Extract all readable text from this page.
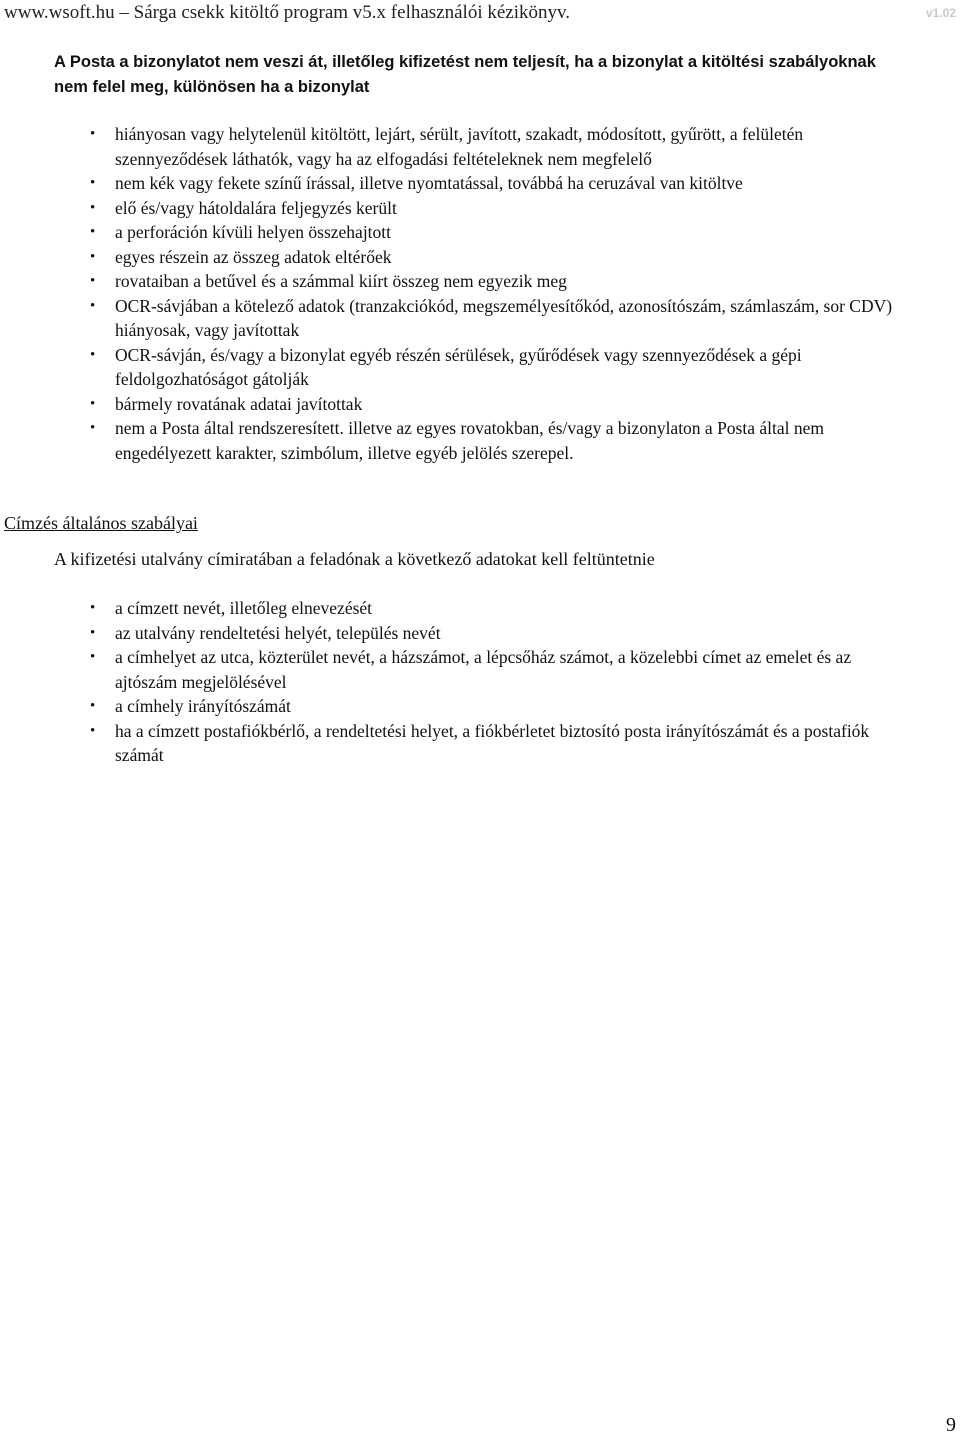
www.wsoft.hu – Sárga csekk kitöltő program v5.x felhasználói kézikönyv.	v1.02

A Posta a bizonylatot nem veszi át, illetőleg kifizetést nem teljesít, ha a bizonylat a kitöltési szabályoknak nem felel meg, különösen ha a bizonylat

• hiányosan vagy helytelenül kitöltött, lejárt, sérült, javított, szakadt, módosított, gyűrött, a felületén szennyeződések láthatók, vagy ha az elfogadási feltételeknek nem megfelelő
• nem kék vagy fekete színű írással, illetve nyomtatással, továbbá ha ceruzával van kitöltve
• elő és/vagy hátoldalára feljegyzés került
• a perforáción kívüli helyen összehajtott
• egyes részein az összeg adatok eltérőek
• rovataiban a betűvel és a számmal kiírt összeg nem egyezik meg
• OCR-sávjában a kötelező adatok (tranzakciókód, megszemélyesítőkód, azonosítószám, számlaszám, sor CDV) hiányosak, vagy javítottak
• OCR-sávján, és/vagy a bizonylat egyéb részén sérülések, gyűrődések vagy szennyeződések a gépi feldolgozhatóságot gátolják
• bármely rovatának adatai javítottak
• nem a Posta által rendszeresített. illetve az egyes rovatokban, és/vagy a bizonylaton a Posta által nem engedélyezett karakter, szimbólum, illetve egyéb jelölés szerepel.
Címzés általános szabályai

A kifizetési utalvány címiratában a feladónak a következő adatokat kell feltüntetnie

• a címzett nevét, illetőleg elnevezését
• az utalvány rendeltetési helyét, település nevét
• a címhelyet az utca, közterület nevét, a házszámot, a lépcsőház számot, a közelebbi címet az emelet és az ajtószám megjelölésével
• a címhely irányítószámát
• ha a címzett postafiókbérlő, a rendeltetési helyet, a fiókbérletet biztosító posta irányítószámát és a postafiók számát
9
